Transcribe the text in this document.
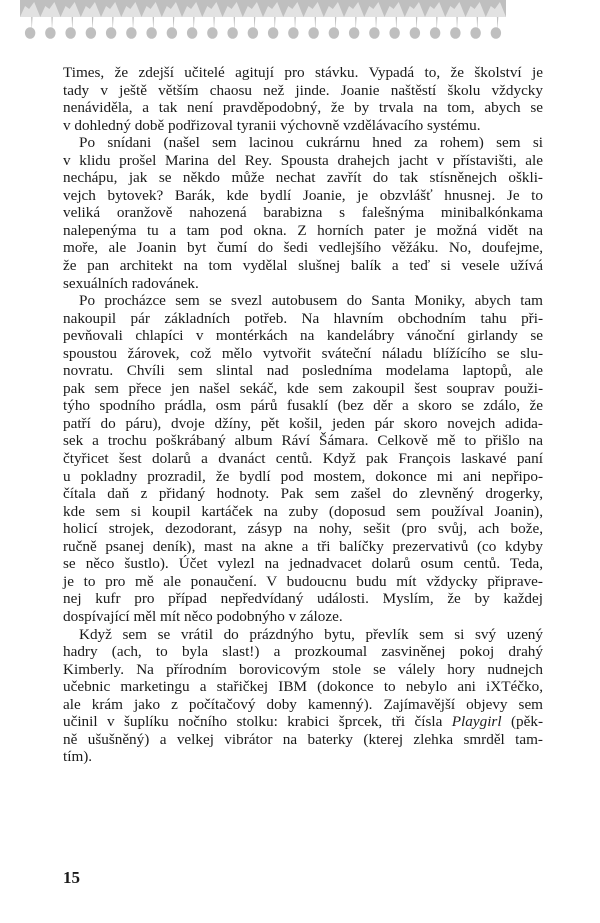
Times, že zdejší učitelé agitují pro stávku. Vypadá to, že školství je
tady v ještě větším chaosu než jinde. Joanie naštěstí školu vždycky
nenáviděla, a tak není pravděpodobný, že by trvala na tom, abych se
v dohledný době podřizoval tyranii výchovně vzdělávacího systému.
Po snídani (našel sem lacinou cukrárnu hned za rohem) sem si
v klidu prošel Marina del Rey. Spousta drahejch jacht v přístavišti, ale
nechápu, jak se někdo může nechat zavřít do tak stísněnejch oškli-
vejch bytovek? Barák, kde bydlí Joanie, je obzvlášť hnusnej. Je to
veliká oranžově nahozená barabizna s falešnýma minibalkónkama
nalepenýma tu a tam pod okna. Z horních pater je možná vidět na
moře, ale Joanin byt čumí do šedi vedlejšího věžáku. No, doufejme,
že pan architekt na tom vydělal slušnej balík a teď si vesele užívá
sexuálních radovánek.
Po procházce sem se svezl autobusem do Santa Moniky, abych tam
nakoupil pár základních potřeb. Na hlavním obchodním tahu při-
pevňovali chlapíci v montérkách na kandelábry vánoční girlandy se
spoustou žárovek, což mělo vytvořit sváteční náladu blížícího se slu-
novratu. Chvíli sem slintal nad posledníma modelama laptopů, ale
pak sem přece jen našel sekáč, kde sem zakoupil šest souprav použi-
týho spodního prádla, osm párů fusaklí (bez děr a skoro se zdálo, že
patří do páru), dvoje džíny, pět košil, jeden pár skoro novejch adida-
sek a trochu poškrábaný album Ráví Šámara. Celkově mě to přišlo na
čtyřicet šest dolarů a dvanáct centů. Když pak François laskavé paní
u pokladny prozradil, že bydlí pod mostem, dokonce mi ani nepřipo-
čítala daň z přidaný hodnoty. Pak sem zašel do zlevněný drogerky,
kde sem si koupil kartáček na zuby (doposud sem používal Joanin),
holicí strojek, dezodorant, zásyp na nohy, sešit (pro svůj, ach bože,
ručně psanej deník), mast na akne a tři balíčky prezervativů (co kdyby
se něco šustlo). Účet vylezl na jednadvacet dolarů osum centů. Teda,
je to pro mě ale ponaučení. V budoucnu budu mít vždycky připrave-
nej kufr pro případ nepředvídaný události. Myslím, že by každej
dospívající měl mít něco podobnýho v záloze.
Když sem se vrátil do prázdnýho bytu, převlík sem si svý uzený
hadry (ach, to byla slast!) a prozkoumal zasviněnej pokoj drahý
Kimberly. Na přírodním borovicovým stole se válely hory nudnejch
učebnic marketingu a stařičkej IBM (dokonce to nebylo ani iXTéčko,
ale krám jako z počítačový doby kamenný). Zajímavější objevy sem
učinil v šuplíku nočního stolku: krabici šprcek, tři čísla Playgirl (pěk-
ně ušušněný) a velkej vibrátor na baterky (kterej zlehka smrděl tam-
tím).
15
